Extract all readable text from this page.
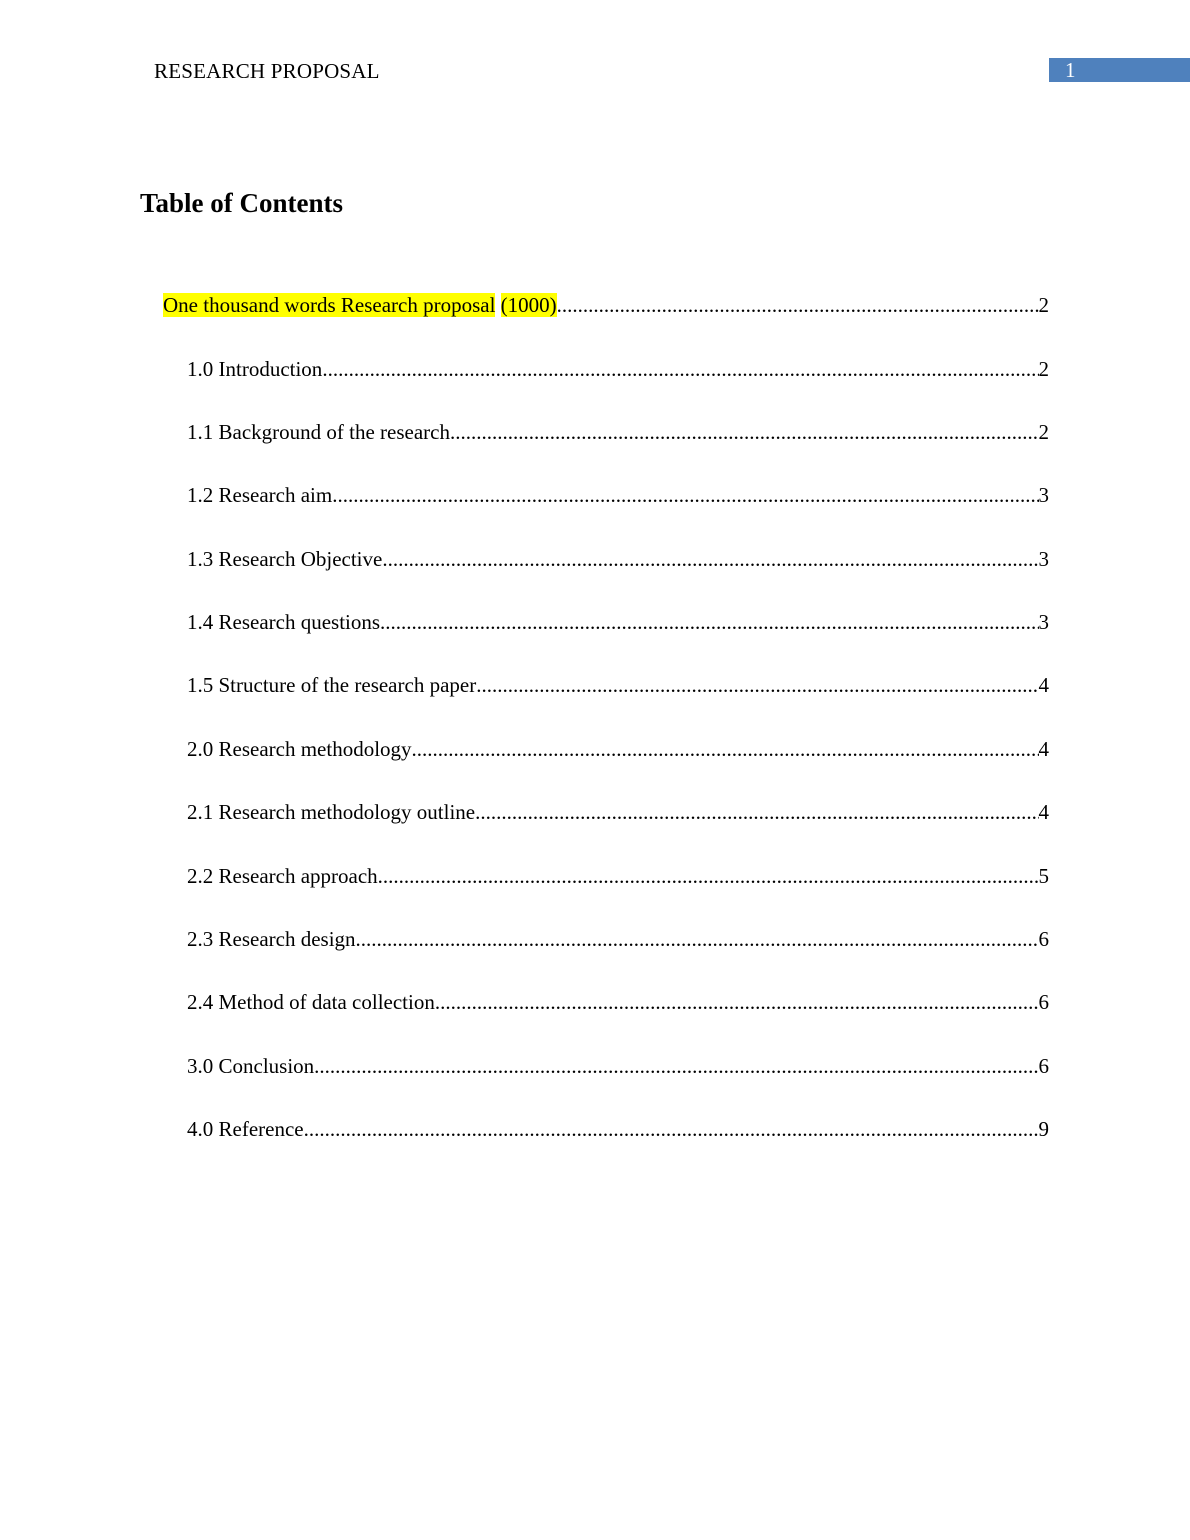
RESEARCH PROPOSAL	1
Table of Contents
One thousand words Research proposal (1000) .....	2
1.0 Introduction .....	2
1.1 Background of the research .....	2
1.2 Research aim .....	3
1.3 Research Objective .....	3
1.4 Research questions .....	3
1.5 Structure of the research paper .....	4
2.0 Research methodology .....	4
2.1 Research methodology outline .....	4
2.2 Research approach .....	5
2.3 Research design .....	6
2.4 Method of data collection .....	6
3.0 Conclusion .....	6
4.0 Reference .....	9
